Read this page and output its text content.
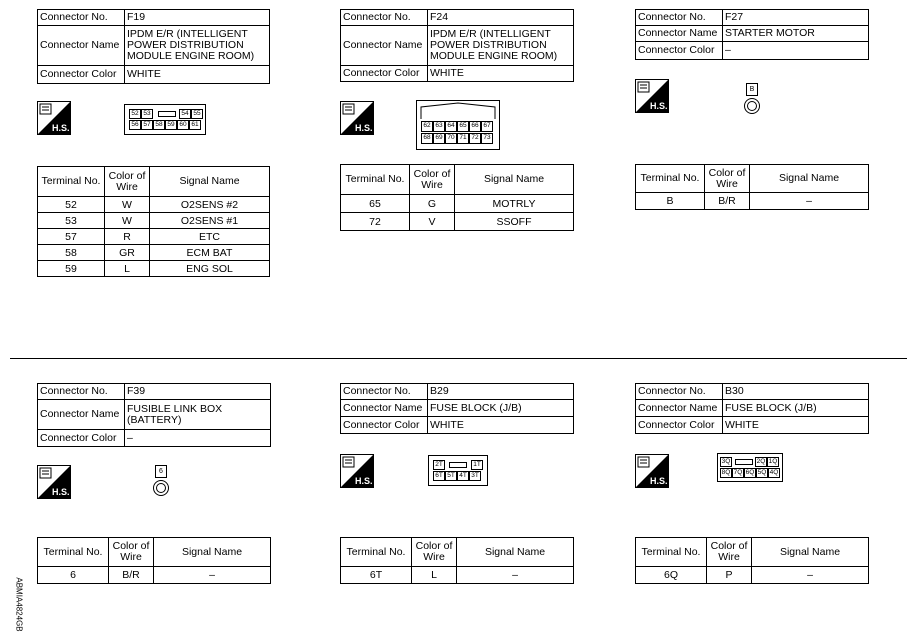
Connector No.	F19
Connector Name	IPDM E/R (INTELLIGENT POWER DISTRIBUTION MODULE ENGINE ROOM)
Connector Color	WHITE
H.S.
52 53	54 55
56 57 58 59 60 61
Terminal No.	Color of Wire	Signal Name
52	W	O2SENS #2
53	W	O2SENS #1
57	R	ETC
58	GR	ECM BAT
59	L	ENG SOL
Connector No.	F24
Connector Name	IPDM E/R (INTELLIGENT POWER DISTRIBUTION MODULE ENGINE ROOM)
Connector Color	WHITE
H.S.	62 63 64 65 66 67
68 69 70 71 72 73
Terminal No.	Color of Wire	Signal Name
65	G	MOTRLY
72	V	SSOFF
Connector No.	F27
Connector Name	STARTER MOTOR
Connector Color	–
H.S.
B
Terminal No.	Color of Wire	Signal Name
B	B/R	–
Connector No.	F39
Connector Name	FUSIBLE LINK BOX (BATTERY)
Connector Color	–
H.S.
6
Terminal No.	Color of Wire	Signal Name
6	B/R	–
Connector No.	B29
Connector Name	FUSE BLOCK (J/B)
Connector Color	WHITE
H.S.
2T	1T
6T 5T 4T 3T
Terminal No.	Color of Wire	Signal Name
6T	L	–
Connector No.	B30
Connector Name	FUSE BLOCK (J/B)
Connector Color	WHITE
H.S.
3Q	2Q 1Q
8Q 7Q 6Q 5Q 4Q
Terminal No.	Color of Wire	Signal Name
6Q	P	–
ABMIA4824GB
